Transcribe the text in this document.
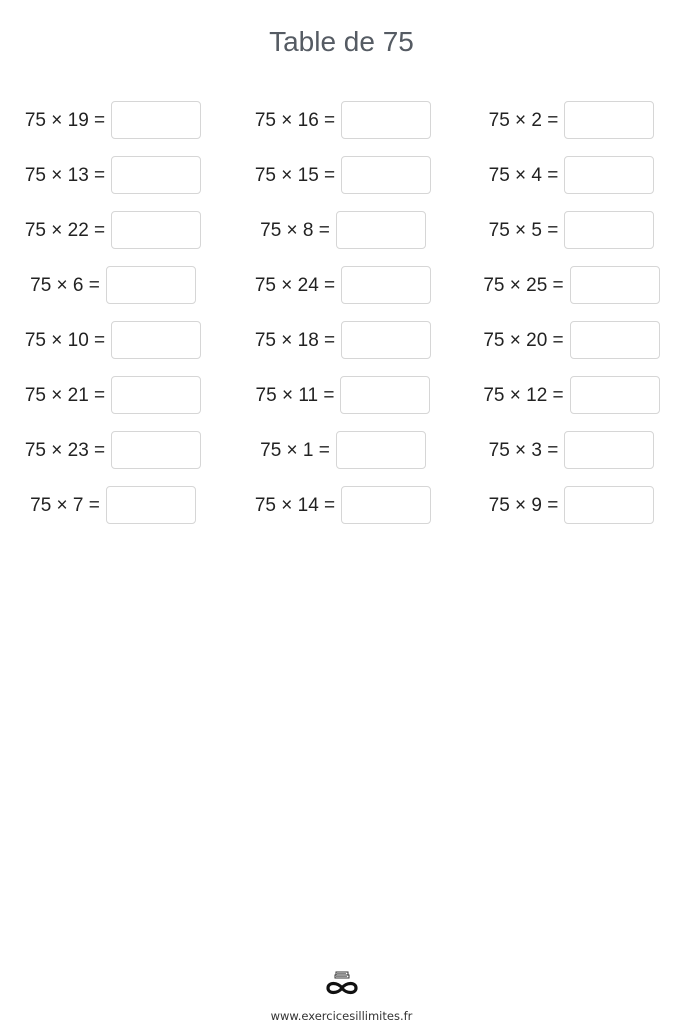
Table de 75
75 × 19 =	75 × 16 =	75 × 2 =
75 × 13 =	75 × 15 =	75 × 4 =
75 × 22 =	75 × 8 =	75 × 5 =
75 × 6 =	75 × 24 =	75 × 25 =
75 × 10 =	75 × 18 =	75 × 20 =
75 × 21 =	75 × 11 =	75 × 12 =
75 × 23 =	75 × 1 =	75 × 3 =
75 × 7 =	75 × 14 =	75 × 9 =
www.exercicesillimites.fr
